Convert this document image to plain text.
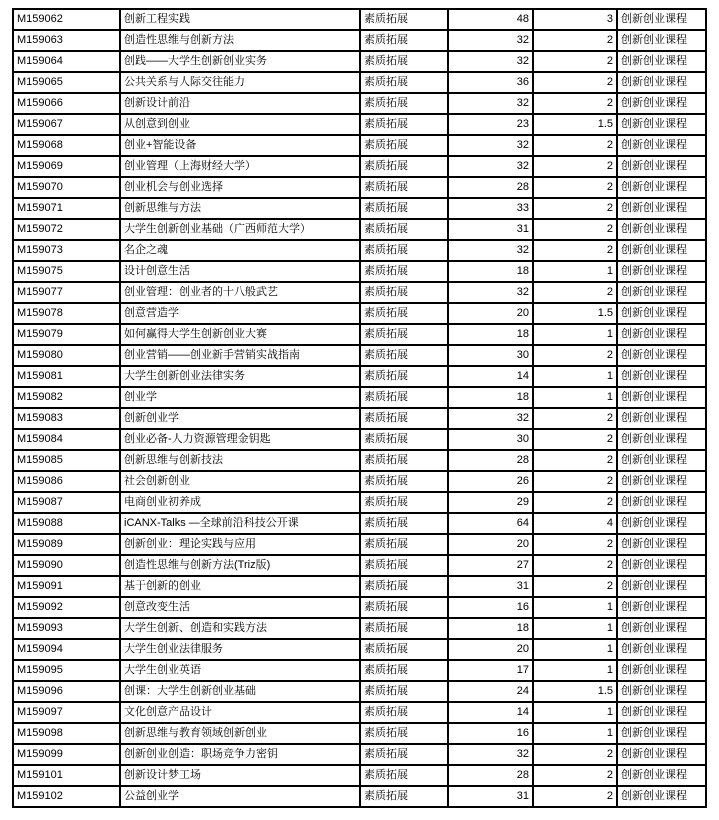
M159062	创新工程实践	素质拓展	48	3	创新创业课程
M159063	创造性思维与创新方法	素质拓展	32	2	创新创业课程
M159064	创践——大学生创新创业实务	素质拓展	32	2	创新创业课程
M159065	公共关系与人际交往能力	素质拓展	36	2	创新创业课程
M159066	创新设计前沿	素质拓展	32	2	创新创业课程
M159067	从创意到创业	素质拓展	23	1.5	创新创业课程
M159068	创业+智能设备	素质拓展	32	2	创新创业课程
M159069	创业管理（上海财经大学）	素质拓展	32	2	创新创业课程
M159070	创业机会与创业选择	素质拓展	28	2	创新创业课程
M159071	创新思维与方法	素质拓展	33	2	创新创业课程
M159072	大学生创新创业基础（广西师范大学）	素质拓展	31	2	创新创业课程
M159073	名企之魂	素质拓展	32	2	创新创业课程
M159075	设计创意生活	素质拓展	18	1	创新创业课程
M159077	创业管理：创业者的十八般武艺	素质拓展	32	2	创新创业课程
M159078	创意营造学	素质拓展	20	1.5	创新创业课程
M159079	如何赢得大学生创新创业大赛	素质拓展	18	1	创新创业课程
M159080	创业营销——创业新手营销实战指南	素质拓展	30	2	创新创业课程
M159081	大学生创新创业法律实务	素质拓展	14	1	创新创业课程
M159082	创业学	素质拓展	18	1	创新创业课程
M159083	创新创业学	素质拓展	32	2	创新创业课程
M159084	创业必备-人力资源管理金钥匙	素质拓展	30	2	创新创业课程
M159085	创新思维与创新技法	素质拓展	28	2	创新创业课程
M159086	社会创新创业	素质拓展	26	2	创新创业课程
M159087	电商创业初养成	素质拓展	29	2	创新创业课程
M159088	iCANX-Talks —全球前沿科技公开课	素质拓展	64	4	创新创业课程
M159089	创新创业：理论实践与应用	素质拓展	20	2	创新创业课程
M159090	创造性思维与创新方法(Triz版)	素质拓展	27	2	创新创业课程
M159091	基于创新的创业	素质拓展	31	2	创新创业课程
M159092	创意改变生活	素质拓展	16	1	创新创业课程
M159093	大学生创新、创造和实践方法	素质拓展	18	1	创新创业课程
M159094	大学生创业法律服务	素质拓展	20	1	创新创业课程
M159095	大学生创业英语	素质拓展	17	1	创新创业课程
M159096	创课：大学生创新创业基础	素质拓展	24	1.5	创新创业课程
M159097	文化创意产品设计	素质拓展	14	1	创新创业课程
M159098	创新思维与教育领域创新创业	素质拓展	16	1	创新创业课程
M159099	创新创业创造：职场竞争力密钥	素质拓展	32	2	创新创业课程
M159101	创新设计梦工场	素质拓展	28	2	创新创业课程
M159102	公益创业学	素质拓展	31	2	创新创业课程
